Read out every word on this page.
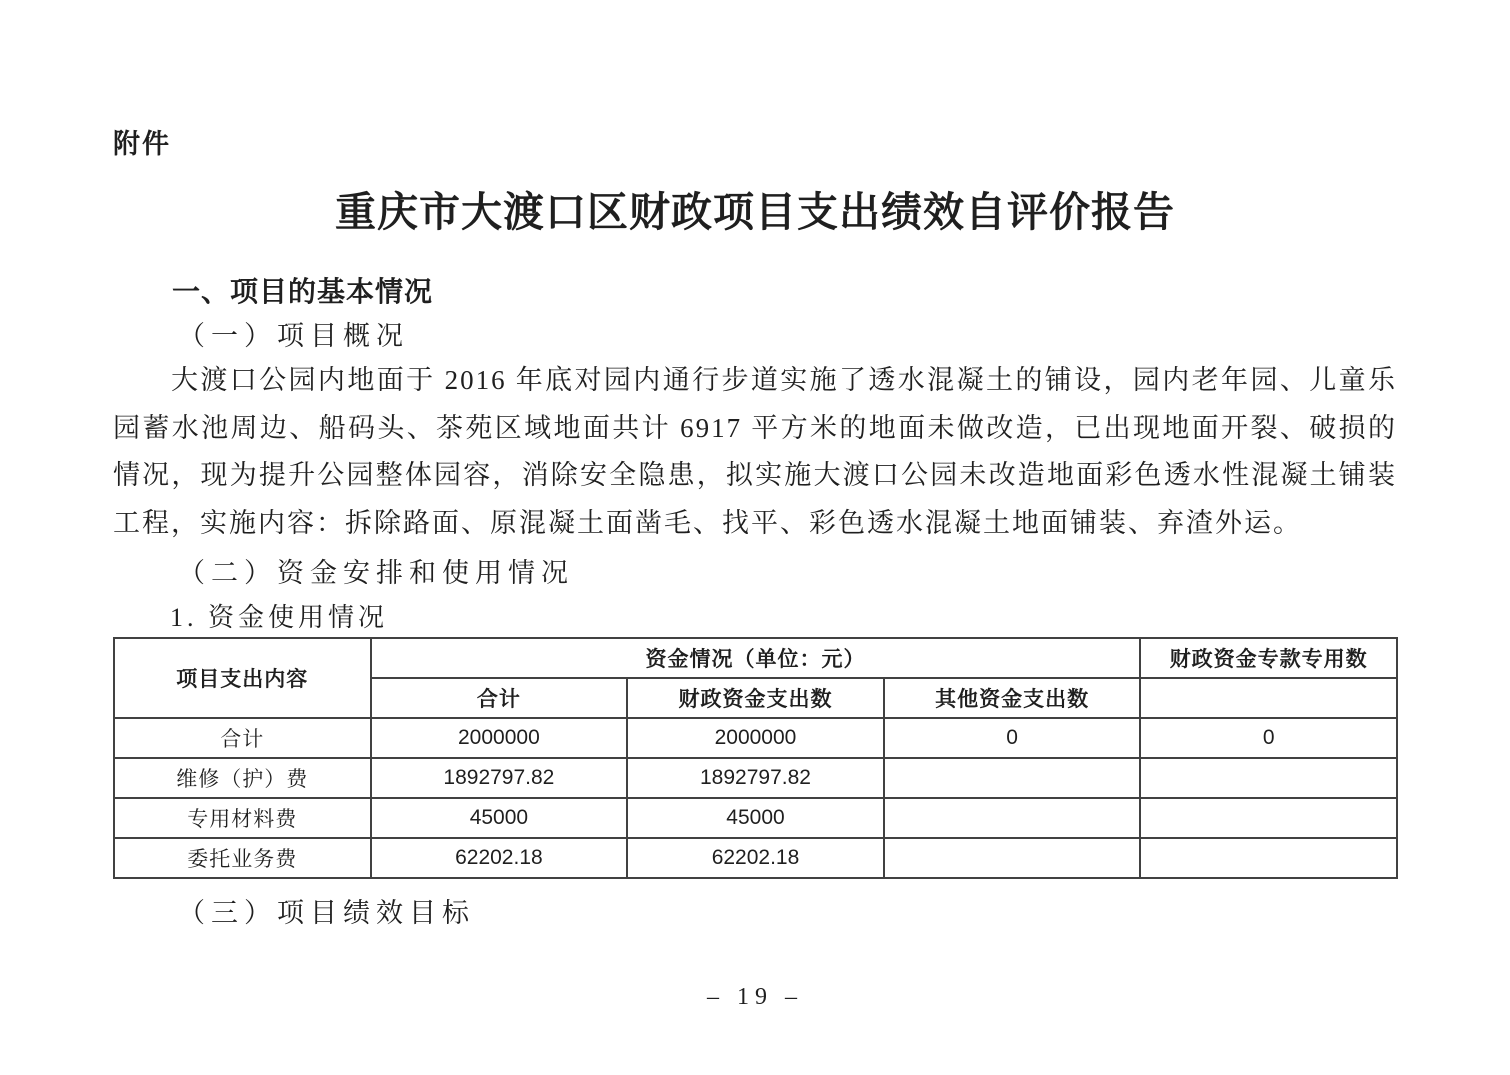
附件
重庆市大渡口区财政项目支出绩效自评价报告
一、项目的基本情况
（一）项目概况
大渡口公园内地面于 2016 年底对园内通行步道实施了透水混凝土的铺设，园内老年园、儿童乐园蓄水池周边、船码头、茶苑区域地面共计 6917 平方米的地面未做改造，已出现地面开裂、破损的情况，现为提升公园整体园容，消除安全隐患，拟实施大渡口公园未改造地面彩色透水性混凝土铺装工程，实施内容：拆除路面、原混凝土面凿毛、找平、彩色透水混凝土地面铺装、弃渣外运。
（二）资金安排和使用情况
1. 资金使用情况
项目支出内容	资金情况（单位：元）			财政资金专款专用数
	合计	财政资金支出数	其他资金支出数	
合计	2000000	2000000	0	0
维修（护）费	1892797.82	1892797.82		
专用材料费	45000	45000		
委托业务费	62202.18	62202.18		
（三）项目绩效目标
– 19 –
